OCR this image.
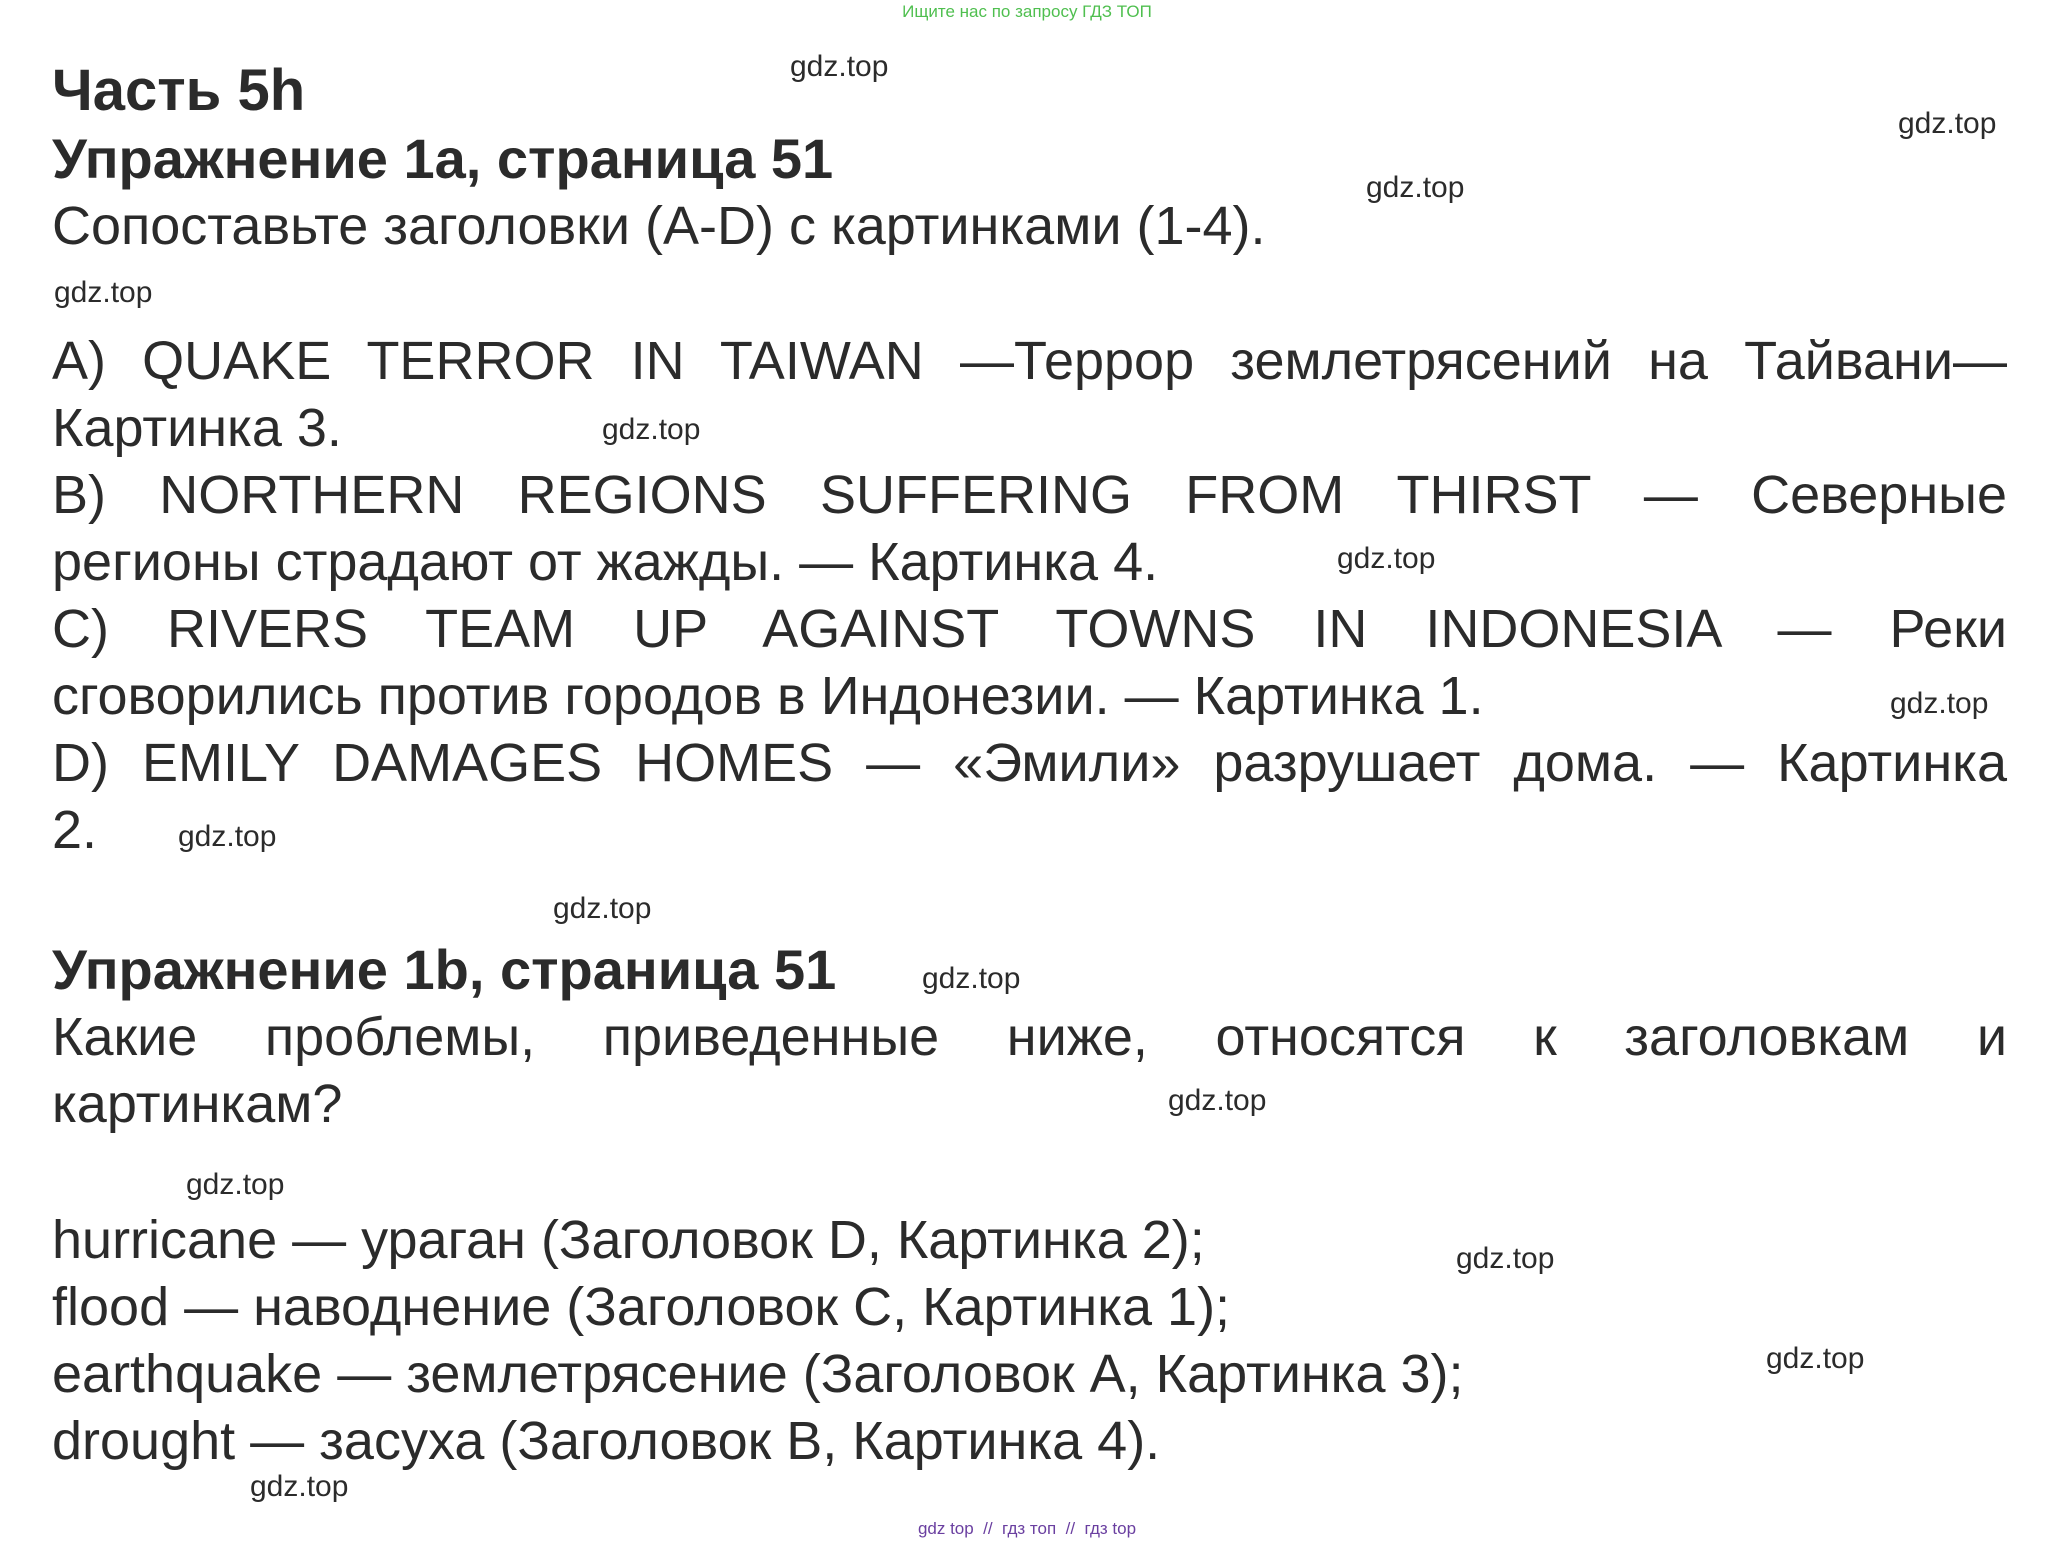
Ищите нас по запросу ГДЗ ТОП
Часть 5h
Упражнение 1a, страница 51
Сопоставьте заголовки (A-D) с картинками (1-4).
A) QUAKE TERROR IN TAIWAN —Террор землетрясений на Тайвани—
Картинка 3.
B) NORTHERN REGIONS SUFFERING FROM THIRST — Северные
регионы страдают от жажды. — Картинка 4.
C) RIVERS TEAM UP AGAINST TOWNS IN INDONESIA — Реки
сговорились против городов в Индонезии. — Картинка 1.
D) EMILY DAMAGES HOMES — «Эмили» разрушает дома. — Картинка
2.
Упражнение 1b, страница 51
Какие проблемы, приведенные ниже, относятся к заголовкам и
картинкам?
hurricane — ураган (Заголовок D, Картинка 2);
flood — наводнение (Заголовок C, Картинка 1);
earthquake — землетрясение (Заголовок A, Картинка 3);
drought — засуха (Заголовок B, Картинка 4).
gdz.top
gdz.top
gdz.top
gdz.top
gdz.top
gdz.top
gdz.top
gdz.top
gdz.top
gdz.top
gdz.top
gdz.top
gdz.top
gdz.top
gdz.top
gdz top  //  гдз топ  //  гдз top
